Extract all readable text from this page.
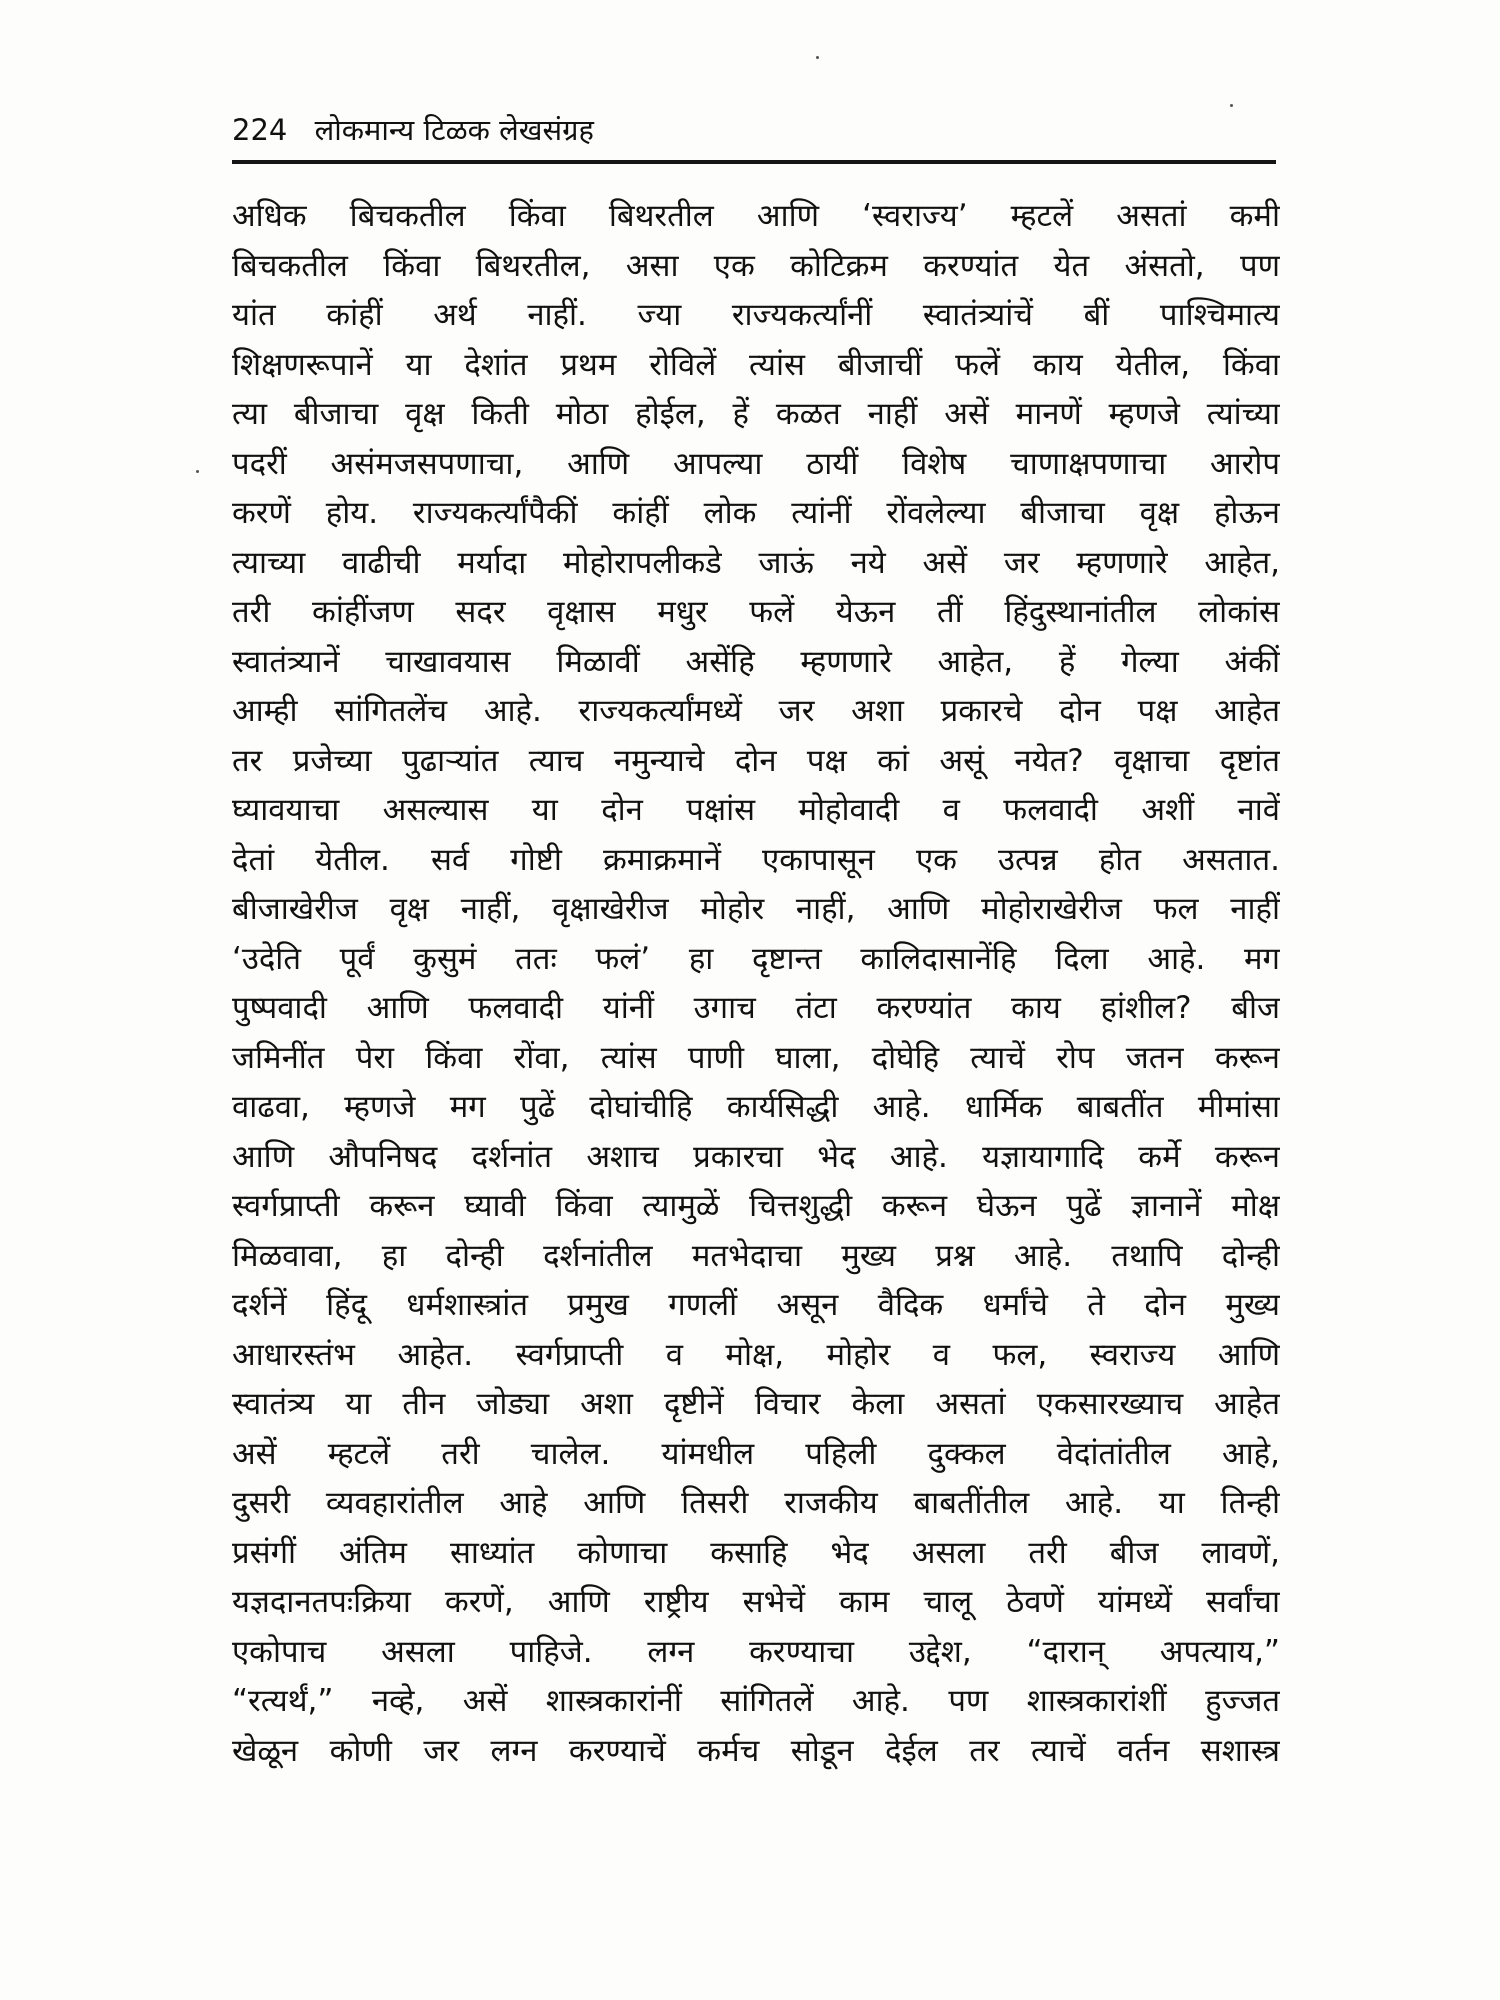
224 लोकमान्य टिळक लेखसंग्रह
अधिक बिचकतील किंवा बिथरतील आणि ‘स्वराज्य’ म्हटलें असतां कमी
बिचकतील किंवा बिथरतील, असा एक कोटिक्रम करण्यांत येत अंसतो, पण
यांत कांहीं अर्थ नाहीं. ज्या राज्यकर्त्यांनीं स्वातंत्र्यांचें बीं पाश्चिमात्य
शिक्षणरूपानें या देशांत प्रथम रोविलें त्यांस बीजाचीं फलें काय येतील, किंवा
त्या बीजाचा वृक्ष किती मोठा होईल, हें कळत नाहीं असें मानणें म्हणजे त्यांच्या
पदरीं असंमजसपणाचा, आणि आपल्या ठायीं विशेष चाणाक्षपणाचा आरोप
करणें होय. राज्यकर्त्यांपैकीं कांहीं लोक त्यांनीं रोंवलेल्या बीजाचा वृक्ष होऊन
त्याच्या वाढीची मर्यादा मोहोरापलीकडे जाऊं नये असें जर म्हणणारे आहेत,
तरी कांहींजण सदर वृक्षास मधुर फलें येऊन तीं हिंदुस्थानांतील लोकांस
स्वातंत्र्यानें चाखावयास मिळावीं असेंहि म्हणणारे आहेत, हें गेल्या अंकीं
आम्ही सांगितलेंच आहे. राज्यकर्त्यांमध्यें जर अशा प्रकारचे दोन पक्ष आहेत
तर प्रजेच्या पुढाऱ्यांत त्याच नमुन्याचे दोन पक्ष कां असूं नयेत? वृक्षाचा दृष्टांत
घ्यावयाचा असल्यास या दोन पक्षांस मोहोवादी व फलवादी अशीं नावें
देतां येतील. सर्व गोष्टी क्रमाक्रमानें एकापासून एक उत्पन्न होत असतात.
बीजाखेरीज वृक्ष नाहीं, वृक्षाखेरीज मोहोर नाहीं, आणि मोहोराखेरीज फल नाहीं
‘उदेति पूर्वं कुसुमं ततः फलं’ हा दृष्टान्त कालिदासानेंहि दिला आहे. मग
पुष्पवादी आणि फलवादी यांनीं उगाच तंटा करण्यांत काय हांशील? बीज
जमिनींत पेरा किंवा रोंवा, त्यांस पाणी घाला, दोघेहि त्याचें रोप जतन करून
वाढवा, म्हणजे मग पुढें दोघांचीहि कार्यसिद्धी आहे. धार्मिक बाबतींत मीमांसा
आणि औपनिषद दर्शनांत अशाच प्रकारचा भेद आहे. यज्ञायागादि कर्मे करून
स्वर्गप्राप्ती करून घ्यावी किंवा त्यामुळें चित्तशुद्धी करून घेऊन पुढें ज्ञानानें मोक्ष
मिळवावा, हा दोन्ही दर्शनांतील मतभेदाचा मुख्य प्रश्न आहे. तथापि दोन्ही
दर्शनें हिंदू धर्मशास्त्रांत प्रमुख गणलीं असून वैदिक धर्मांचे ते दोन मुख्य
आधारस्तंभ आहेत. स्वर्गप्राप्ती व मोक्ष, मोहोर व फल, स्वराज्य आणि
स्वातंत्र्य या तीन जोड्या अशा दृष्टीनें विचार केला असतां एकसारख्याच आहेत
असें म्हटलें तरी चालेल. यांमधील पहिली दुक्कल वेदांतांतील आहे,
दुसरी व्यवहारांतील आहे आणि तिसरी राजकीय बाबतींतील आहे. या तिन्ही
प्रसंगीं अंतिम साध्यांत कोणाचा कसाहि भेद असला तरी बीज लावणें,
यज्ञदानतपःक्रिया करणें, आणि राष्ट्रीय सभेचें काम चालू ठेवणें यांमध्यें सर्वांचा
एकोपाच असला पाहिजे. लग्न करण्याचा उद्देश, “दारान् अपत्याय,”
“रत्यर्थं,” नव्हे, असें शास्त्रकारांनीं सांगितलें आहे. पण शास्त्रकारांशीं हुज्जत
खेळून कोणी जर लग्न करण्याचें कर्मच सोडून देईल तर त्याचें वर्तन सशास्त्र
